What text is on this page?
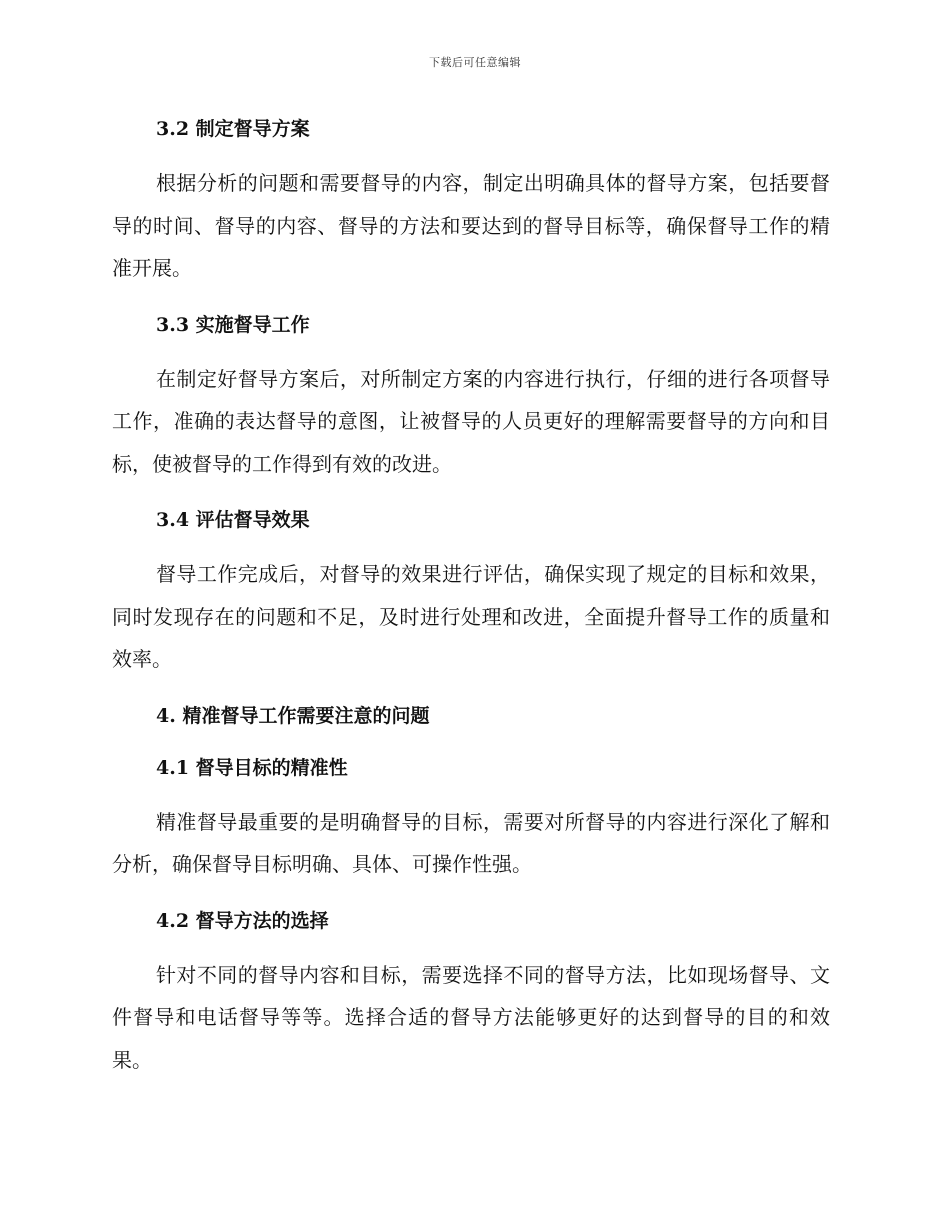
下载后可任意编辑
3.2 制定督导方案

根据分析的问题和需要督导的内容，制定出明确具体的督导方案，包括要督导的时间、督导的内容、督导的方法和要达到的督导目标等，确保督导工作的精准开展。

3.3 实施督导工作

在制定好督导方案后，对所制定方案的内容进行执行，仔细的进行各项督导工作，准确的表达督导的意图，让被督导的人员更好的理解需要督导的方向和目标，使被督导的工作得到有效的改进。

3.4 评估督导效果

督导工作完成后，对督导的效果进行评估，确保实现了规定的目标和效果，同时发现存在的问题和不足，及时进行处理和改进，全面提升督导工作的质量和效率。

4. 精准督导工作需要注意的问题
4.1 督导目标的精准性

精准督导最重要的是明确督导的目标，需要对所督导的内容进行深化了解和分析，确保督导目标明确、具体、可操作性强。

4.2 督导方法的选择

针对不同的督导内容和目标，需要选择不同的督导方法，比如现场督导、文件督导和电话督导等等。选择合适的督导方法能够更好的达到督导的目的和效果。
